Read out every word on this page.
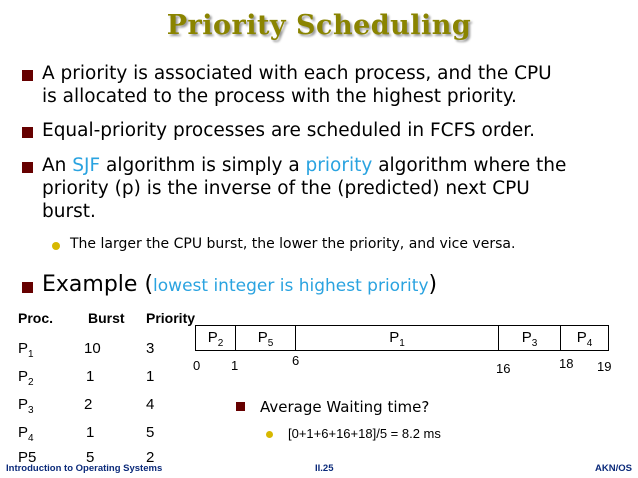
Priority Scheduling
A priority is associated with each process, and the CPU
is allocated to the process with the highest priority.
Equal-priority processes are scheduled in FCFS order.
An SJF algorithm is simply a priority algorithm where the
priority (p) is the inverse of the (predicted) next CPU
burst.
The larger the CPU burst, the lower the priority, and vice versa.
Example (lowest integer is highest priority)
Proc. Burst Priority
$P_1$	10	3
$P_2$	1	1
$P_3$	2	4
$P_4$	1	5
P5	5	2
$P_2$	$P_5$	$P_1$	$P_3$	$P_4$
0 1	6
16	18 19
Average Waiting time?
[0+1+6+16+18]/5 = 8.2 ms
Introduction to Operating Systems	II.25	AKN/OS
